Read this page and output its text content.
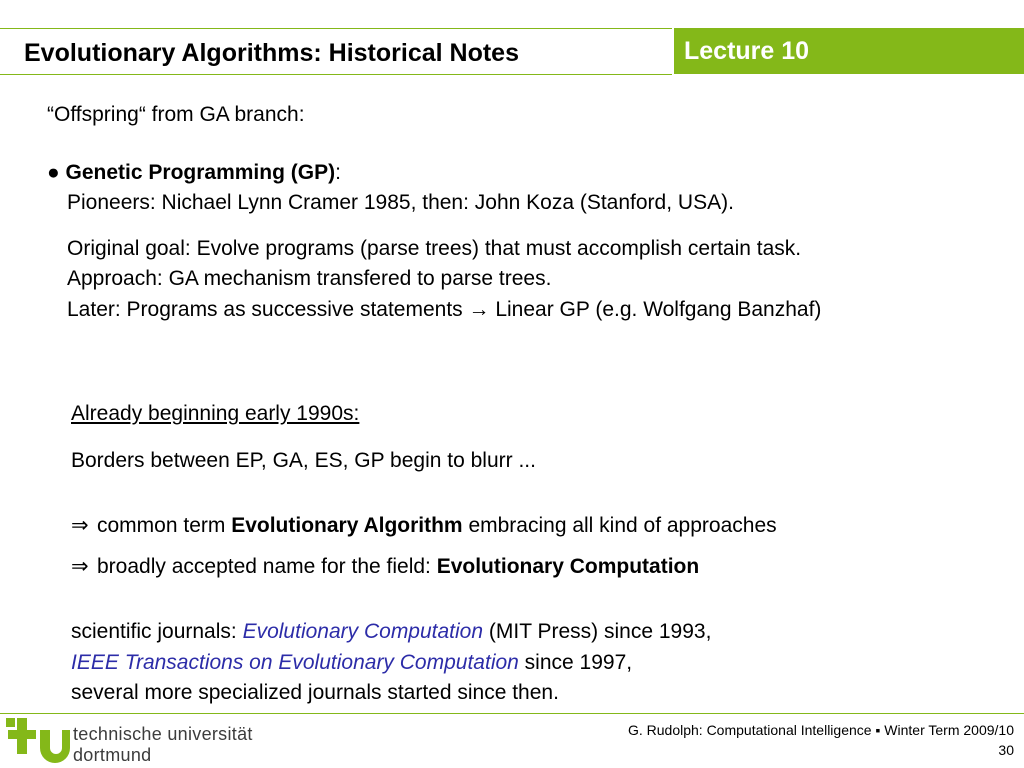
Evolutionary Algorithms: Historical Notes	Lecture 10
“Offspring“ from GA branch:
● Genetic Programming (GP):
Pioneers: Nichael Lynn Cramer 1985, then: John Koza (Stanford, USA).
Original goal: Evolve programs (parse trees) that must accomplish certain task.
Approach: GA mechanism transfered to parse trees.
Later: Programs as successive statements → Linear GP (e.g. Wolfgang Banzhaf)
Already beginning early 1990s:
Borders between EP, GA, ES, GP begin to blurr ...
⇒ common term Evolutionary Algorithm embracing all kind of approaches
⇒ broadly accepted name for the field: Evolutionary Computation
scientific journals: Evolutionary Computation (MIT Press) since 1993,
IEEE Transactions on Evolutionary Computation since 1997,
several more specialized journals started since then.
technische universität
dortmund
G. Rudolph: Computational Intelligence ▪ Winter Term 2009/10
30
